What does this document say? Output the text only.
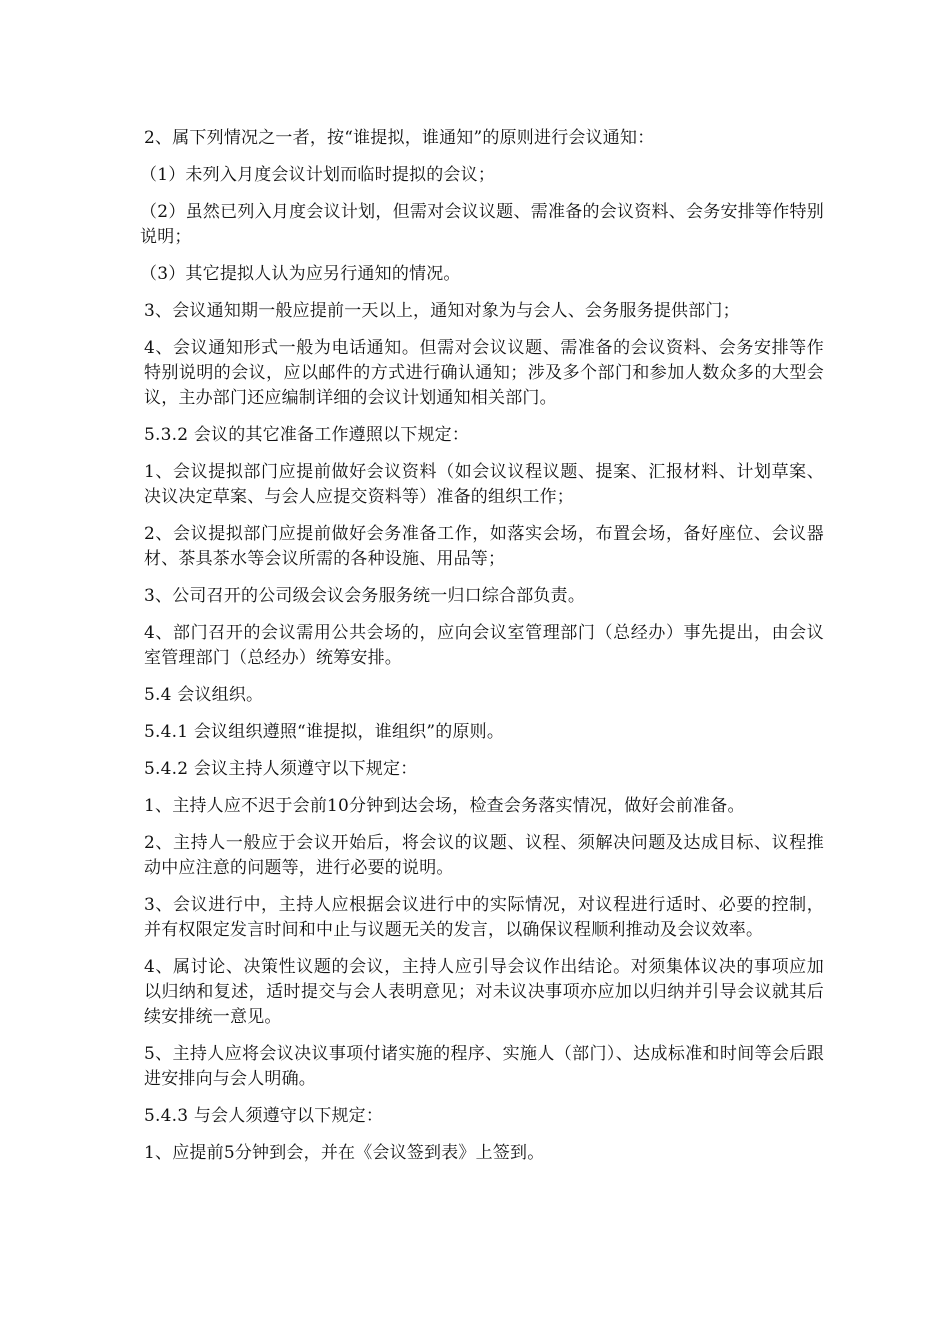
2、属下列情况之一者，按“谁提拟，谁通知”的原则进行会议通知：

（1）未列入月度会议计划而临时提拟的会议；

（2）虽然已列入月度会议计划，但需对会议议题、需准备的会议资料、会务安排等作特别说明；

（3）其它提拟人认为应另行通知的情况。

3、会议通知期一般应提前一天以上，通知对象为与会人、会务服务提供部门；

4、会议通知形式一般为电话通知。但需对会议议题、需准备的会议资料、会务安排等作特别说明的会议，应以邮件的方式进行确认通知；涉及多个部门和参加人数众多的大型会议，主办部门还应编制详细的会议计划通知相关部门。

5.3.2 会议的其它准备工作遵照以下规定：

1、会议提拟部门应提前做好会议资料（如会议议程议题、提案、汇报材料、计划草案、决议决定草案、与会人应提交资料等）准备的组织工作；

2、会议提拟部门应提前做好会务准备工作，如落实会场，布置会场，备好座位、会议器材、茶具茶水等会议所需的各种设施、用品等；

3、公司召开的公司级会议会务服务统一归口综合部负责。

4、部门召开的会议需用公共会场的，应向会议室管理部门（总经办）事先提出，由会议室管理部门（总经办）统筹安排。

5.4 会议组织。

5.4.1 会议组织遵照“谁提拟，谁组织”的原则。

5.4.2 会议主持人须遵守以下规定：

1、主持人应不迟于会前10分钟到达会场，检查会务落实情况，做好会前准备。

2、主持人一般应于会议开始后，将会议的议题、议程、须解决问题及达成目标、议程推动中应注意的问题等，进行必要的说明。

3、会议进行中，主持人应根据会议进行中的实际情况，对议程进行适时、必要的控制，并有权限定发言时间和中止与议题无关的发言，以确保议程顺利推动及会议效率。

4、属讨论、决策性议题的会议，主持人应引导会议作出结论。对须集体议决的事项应加以归纳和复述，适时提交与会人表明意见；对未议决事项亦应加以归纳并引导会议就其后续安排统一意见。

5、主持人应将会议决议事项付诸实施的程序、实施人（部门）、达成标准和时间等会后跟进安排向与会人明确。

5.4.3 与会人须遵守以下规定：

1、应提前5分钟到会，并在《会议签到表》上签到。
